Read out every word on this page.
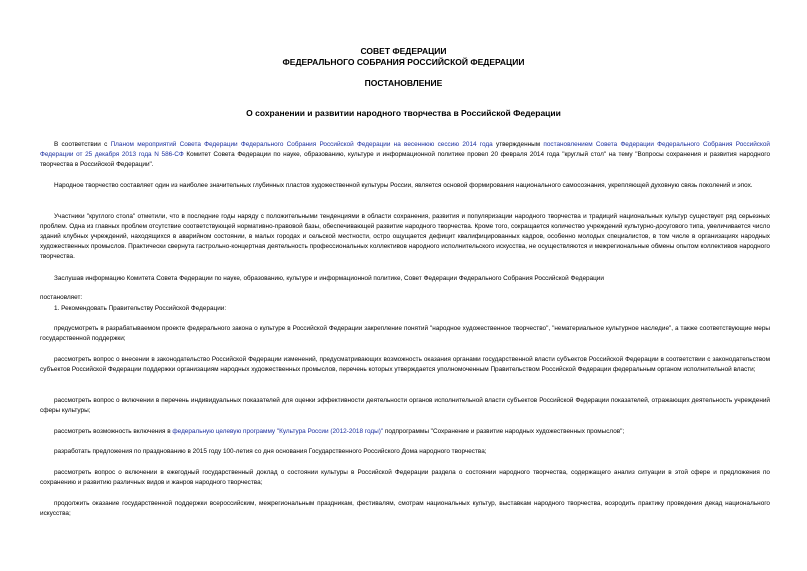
СОВЕТ ФЕДЕРАЦИИ
ФЕДЕРАЛЬНОГО СОБРАНИЯ РОССИЙСКОЙ ФЕДЕРАЦИИ
ПОСТАНОВЛЕНИЕ
О сохранении и развитии народного творчества в Российской Федерации
В соответствии с Планом мероприятий Совета Федерации Федерального Собрания Российской Федерации на весеннюю сессию 2014 года утвержденным постановлением Совета Федерации Федерального Собрания Российской Федерации от 25 декабря 2013 года N 586-СФ Комитет Совета Федерации по науке, образованию, культуре и информационной политике провел 20 февраля 2014 года "круглый стол" на тему "Вопросы сохранения и развития народного творчества в Российской Федерации".
Народное творчество составляет один из наиболее значительных глубинных пластов художественной культуры России, является основой формирования национального самосознания, укрепляющей духовную связь поколений и эпох.
Участники "круглого стола" отметили, что в последние годы наряду с положительными тенденциями в области сохранения, развития и популяризации народного творчества и традиций национальных культур существует ряд серьезных проблем. Одна из главных проблем отсутствие соответствующей нормативно-правовой базы, обеспечивающей развитие народного творчества. Кроме того, сокращается количество учреждений культурно-досугового типа, увеличивается число зданий клубных учреждений, находящихся в аварийном состоянии, в малых городах и сельской местности, остро ощущается дефицит квалифицированных кадров, особенно молодых специалистов, в том числе в организациях народных художественных промыслов. Практически свернута гастрольно-концертная деятельность профессиональных коллективов народного исполнительского искусства, не осуществляются и межрегиональные обмены опытом коллективов народного творчества.
Заслушав информацию Комитета Совета Федерации по науке, образованию, культуре и информационной политике, Совет Федерации Федерального Собрания Российской Федерации
постановляет:
1. Рекомендовать Правительству Российской Федерации:
предусмотреть в разрабатываемом проекте федерального закона о культуре в Российской Федерации закрепление понятий "народное художественное творчество", "нематериальное культурное наследие", а также соответствующие меры государственной поддержки;
рассмотреть вопрос о внесении в законодательство Российской Федерации изменений, предусматривающих возможность оказания органами государственной власти субъектов Российской Федерации в соответствии с законодательством субъектов Российской Федерации поддержки организациям народных художественных промыслов, перечень которых утверждается уполномоченным Правительством Российской Федерации федеральным органом исполнительной власти;
рассмотреть вопрос о включении в перечень индивидуальных показателей для оценки эффективности деятельности органов исполнительной власти субъектов Российской Федерации показателей, отражающих деятельность учреждений сферы культуры;
рассмотреть возможность включения в федеральную целевую программу "Культура России (2012-2018 годы)" подпрограммы "Сохранение и развитие народных художественных промыслов";
разработать предложения по празднованию в 2015 году 100-летия со дня основания Государственного Российского Дома народного творчества;
рассмотреть вопрос о включении в ежегодный государственный доклад о состоянии культуры в Российской Федерации раздела о состоянии народного творчества, содержащего анализ ситуации в этой сфере и предложения по сохранению и развитию различных видов и жанров народного творчества;
продолжить оказание государственной поддержки всероссийским, межрегиональным праздникам, фестивалям, смотрам национальных культур, выставкам народного творчества, возродить практику проведения декад национального искусства;
